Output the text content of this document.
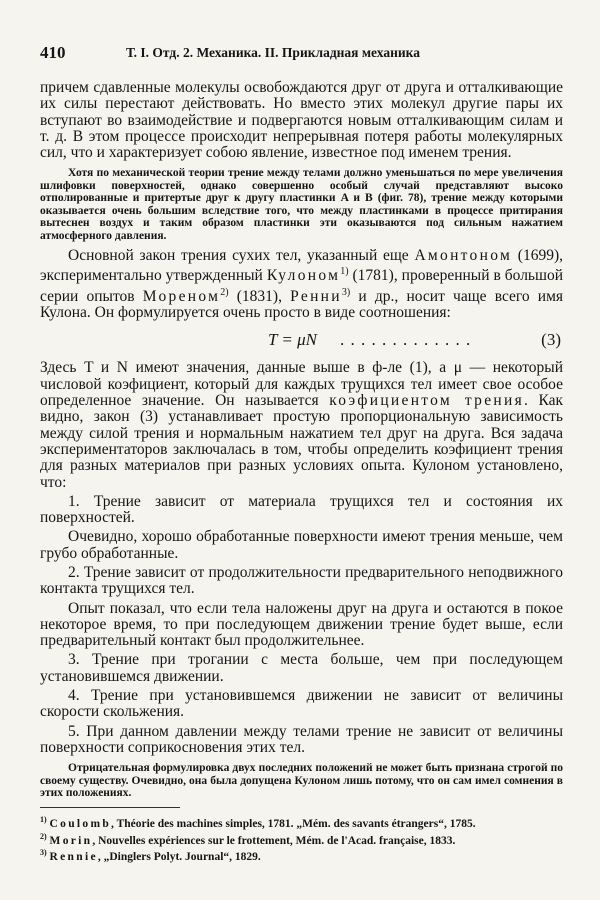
410	Т. I. Отд. 2. Механика. II. Прикладная механика

причем сдавленные молекулы освобождаются друг от друга и отталкивающие их силы перестают действовать. Но вместо этих молекул другие пары их вступают во взаимодействие и подвергаются новым отталкивающим силам и т. д. В этом процессе происходит непрерывная потеря работы молекулярных сил, что и характеризует собою явление, известное под именем трения.

Хотя по механической теории трение между телами должно уменьшаться по мере увеличения шлифовки поверхностей, однако совершенно особый случай представляют высоко отполированные и притертые друг к другу пластинки A и B (фиг. 78), трение между которыми оказывается очень большим вследствие того, что между пластинками в процессе притирания вытеснен воздух и таким образом пластинки эти оказываются под сильным нажатием атмосферного давления.

Основной закон трения сухих тел, указанный еще Амонтоном (1699), экспериментально утвержденный Кулоном$^{1)}$ (1781), проверенный в большой серии опытов Мореном$^{2)}$ (1831), Ренни$^{3)}$ и др., носит чаще всего имя Кулона. Он формулируется очень просто в виде соотношения:

T = μN . . . . . . . . . . . . .	(3)

Здесь T и N имеют значения, данные выше в ф-ле (1), а μ — некоторый числовой коэфициент, который для каждых трущихся тел имеет свое особое определенное значение. Он называется коэфициентом трения. Как видно, закон (3) устанавливает простую пропорциональную зависимость между силой трения и нормальным нажатием тел друг на друга. Вся задача экспериментаторов заключалась в том, чтобы определить коэфициент трения для разных материалов при разных условиях опыта. Кулоном установлено, что:

1. Трение зависит от материала трущихся тел и состояния их поверхностей.

Очевидно, хорошо обработанные поверхности имеют трения меньше, чем грубо обработанные.

2. Трение зависит от продолжительности предварительного неподвижного контакта трущихся тел.

Опыт показал, что если тела наложены друг на друга и остаются в покое некоторое время, то при последующем движении трение будет выше, если предварительный контакт был продолжительнее.

3. Трение при трогании с места больше, чем при последующем установившемся движении.

4. Трение при установившемся движении не зависит от величины скорости скольжения.

5. При данном давлении между телами трение не зависит от величины поверхности соприкосновения этих тел.

Отрицательная формулировка двух последних положений не может быть признана строгой по своему существу. Очевидно, она была допущена Кулоном лишь потому, что он сам имел сомнения в этих положениях.

$^{1)}$ Coulomb, Théorie des machines simples, 1781. „Mém. des savants étrangers“, 1785.

$^{2)}$ Morin, Nouvelles expériences sur le frottement, Mém. de l'Acad. française, 1833.

$^{3)}$ Rennie, „Dinglers Polyt. Journal“, 1829.
